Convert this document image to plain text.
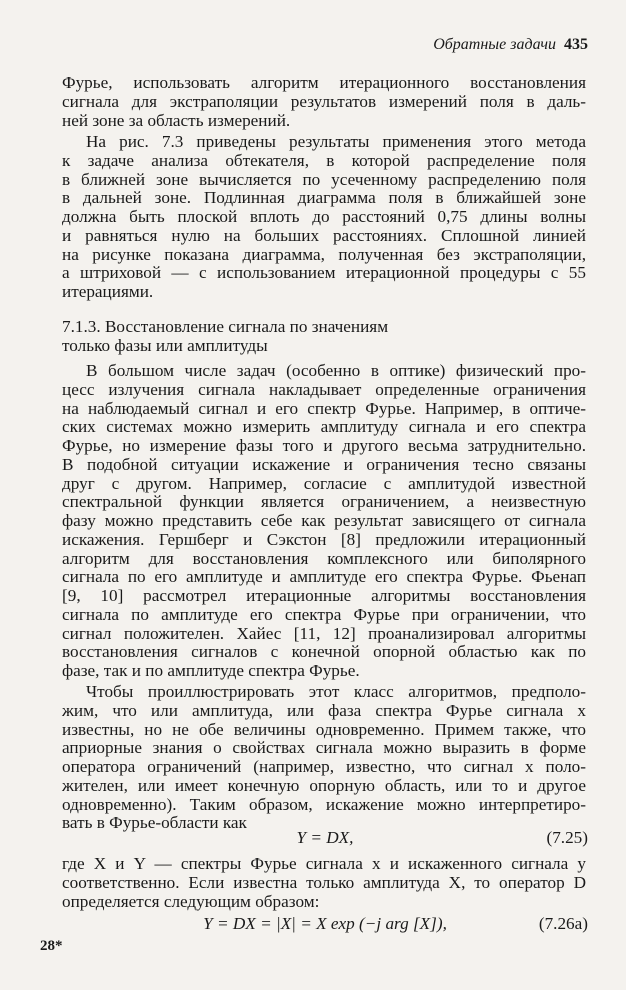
Обратные задачи 435
Фурье, использовать алгоритм итерационного восстановления
сигнала для экстраполяции результатов измерений поля в даль-
ней зоне за область измерений.
На рис. 7.3 приведены результаты применения этого метода
к задаче анализа обтекателя, в которой распределение поля
в ближней зоне вычисляется по усеченному распределению поля
в дальней зоне. Подлинная диаграмма поля в ближайшей зоне
должна быть плоской вплоть до расстояний 0,75 длины волны
и равняться нулю на больших расстояниях. Сплошной линией
на рисунке показана диаграмма, полученная без экстраполяции,
а штриховой — с использованием итерационной процедуры с 55
итерациями.
7.1.3. Восстановление сигнала по значениям
только фазы или амплитуды
В большом числе задач (особенно в оптике) физический про-
цесс излучения сигнала накладывает определенные ограничения
на наблюдаемый сигнал и его спектр Фурье. Например, в оптиче-
ских системах можно измерить амплитуду сигнала и его спектра
Фурье, но измерение фазы того и другого весьма затруднительно.
В подобной ситуации искажение и ограничения тесно связаны
друг с другом. Например, согласие с амплитудой известной
спектральной функции является ограничением, а неизвестную
фазу можно представить себе как результат зависящего от сигнала
искажения. Гершберг и Сэкстон [8] предложили итерационный
алгоритм для восстановления комплексного или биполярного
сигнала по его амплитуде и амплитуде его спектра Фурье. Фьенап
[9, 10] рассмотрел итерационные алгоритмы восстановления
сигнала по амплитуде его спектра Фурье при ограничении, что
сигнал положителен. Хайес [11, 12] проанализировал алгоритмы
восстановления сигналов с конечной опорной областью как по
фазе, так и по амплитуде спектра Фурье.
Чтобы проиллюстрировать этот класс алгоритмов, предполо-
жим, что или амплитуда, или фаза спектра Фурье сигнала x
известны, но не обе величины одновременно. Примем также, что
априорные знания о свойствах сигнала можно выразить в форме
оператора ограничений (например, известно, что сигнал x поло-
жителен, или имеет конечную опорную область, или то и другое
одновременно). Таким образом, искажение можно интерпретиро-
вать в Фурье-области как
Y = DX,	(7.25)
где X и Y — спектры Фурье сигнала x и искаженного сигнала y
соответственно. Если известна только амплитуда X, то оператор D
определяется следующим образом:
Y = DX = |X| = X exp (−j arg [X]),	(7.26a)
28*
